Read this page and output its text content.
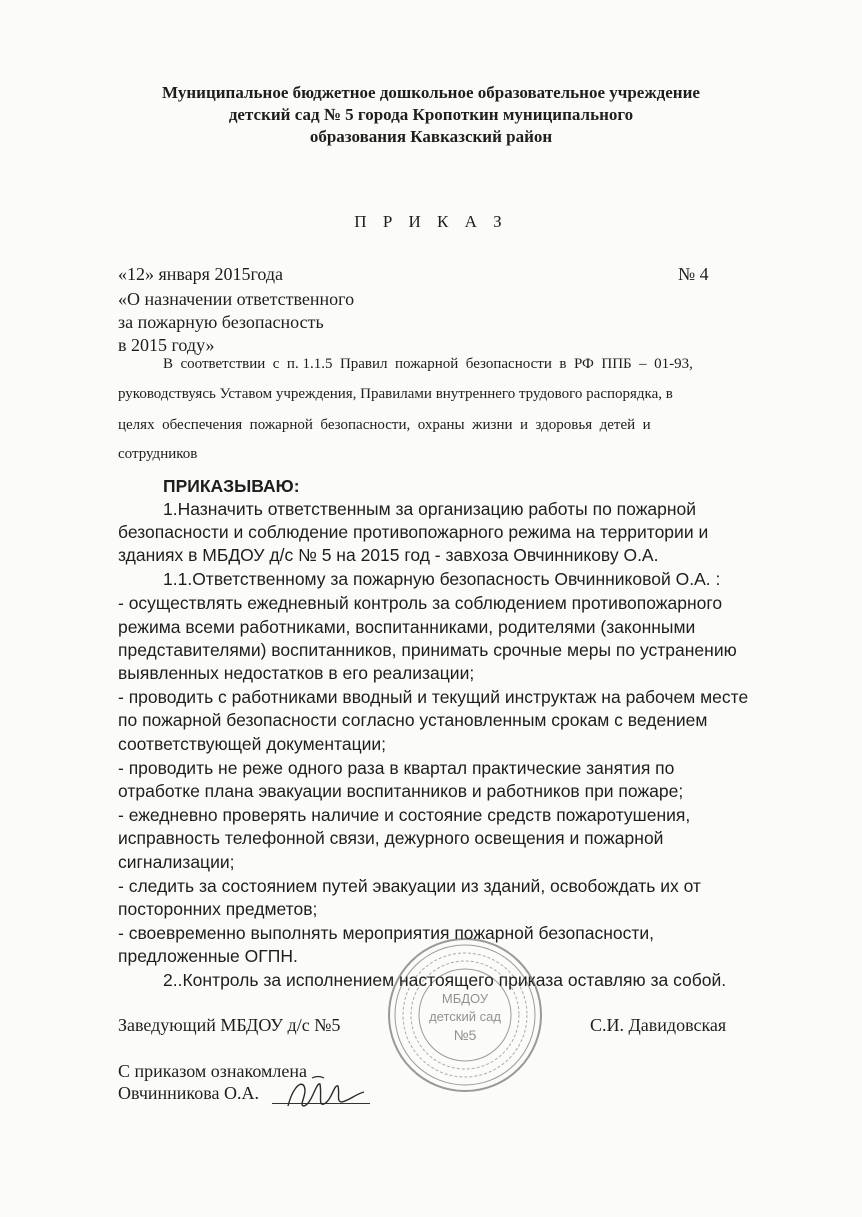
Муниципальное бюджетное дошкольное образовательное учреждение
детский сад № 5 города Кропоткин муниципального
образования Кавказский район
П Р И К А З
«12» января 2015года	№ 4
«О назначении ответственного
за пожарную безопасность
в 2015 году»
В  соответствии  с  п. 1.1.5  Правил  пожарной  безопасности  в  РФ  ППБ  –  01-93,
руководствуясь Уставом учреждения, Правилами внутреннего трудового распорядка, в
целях  обеспечения  пожарной  безопасности,  охраны  жизни  и  здоровья  детей  и
сотрудников
ПРИКАЗЫВАЮ:
1.Назначить ответственным за организацию работы по пожарной
безопасности и соблюдение противопожарного режима на территории и
зданиях в МБДОУ д/с № 5 на 2015 год - завхоза Овчинникову О.А.
1.1.Ответственному за пожарную безопасность Овчинниковой О.А. :
- осуществлять ежедневный контроль за соблюдением противопожарного
режима всеми работниками, воспитанниками, родителями (законными
представителями) воспитанников, принимать срочные меры по устранению
выявленных недостатков в его реализации;
- проводить с работниками вводный и текущий инструктаж на рабочем месте
по пожарной безопасности согласно установленным срокам с ведением
соответствующей документации;
- проводить не реже одного раза в квартал практические занятия по
отработке плана эвакуации воспитанников и работников при пожаре;
- ежедневно проверять наличие и состояние средств пожаротушения,
исправность телефонной связи, дежурного освещения и пожарной
сигнализации;
- следить за состоянием путей эвакуации из зданий, освобождать их от
посторонних предметов;
- своевременно выполнять мероприятия пожарной безопасности,
предложенные ОГПН.
2..Контроль за исполнением настоящего приказа оставляю за собой.
МБДОУ
детский сад
№5
Заведующий МБДОУ д/с №5	С.И. Давидовская
С приказом ознакомлена
Овчинникова О.А.
